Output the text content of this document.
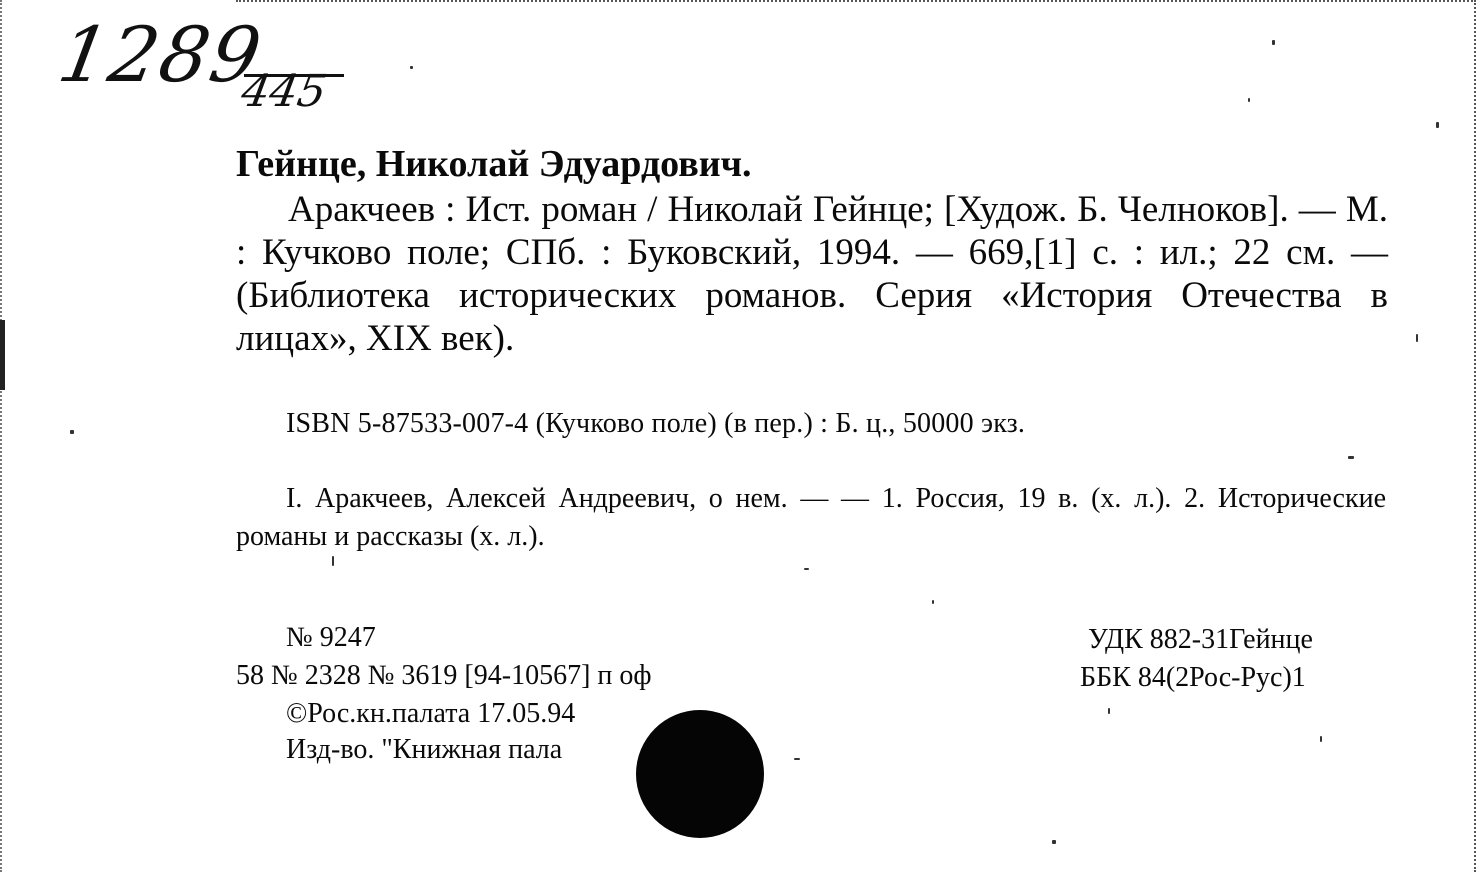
1289
445
Гейнце, Николай Эдуардович.
Аракчеев : Ист. роман / Николай Гейнце; [Худож. Б. Челноков]. — М. : Кучково поле; СПб. : Буковский, 1994. — 669,[1] с. : ил.; 22 см. — (Библиотека исторических романов. Серия «История Отечества в лицах», XIX век).
ISBN 5-87533-007-4 (Кучково поле) (в пер.) : Б. ц., 50000 экз.
I. Аракчеев, Алексей Андреевич, о нем. — — 1. Россия, 19 в. (х. л.). 2. Исторические романы и рассказы (х. л.).
№ 9247
58 № 2328 № 3619 [94-10567] п оф
©Рос.кн.палата 17.05.94
Изд-во. "Книжная пала
УДК 882-31Гейнце
ББК 84(2Рос-Рус)1
